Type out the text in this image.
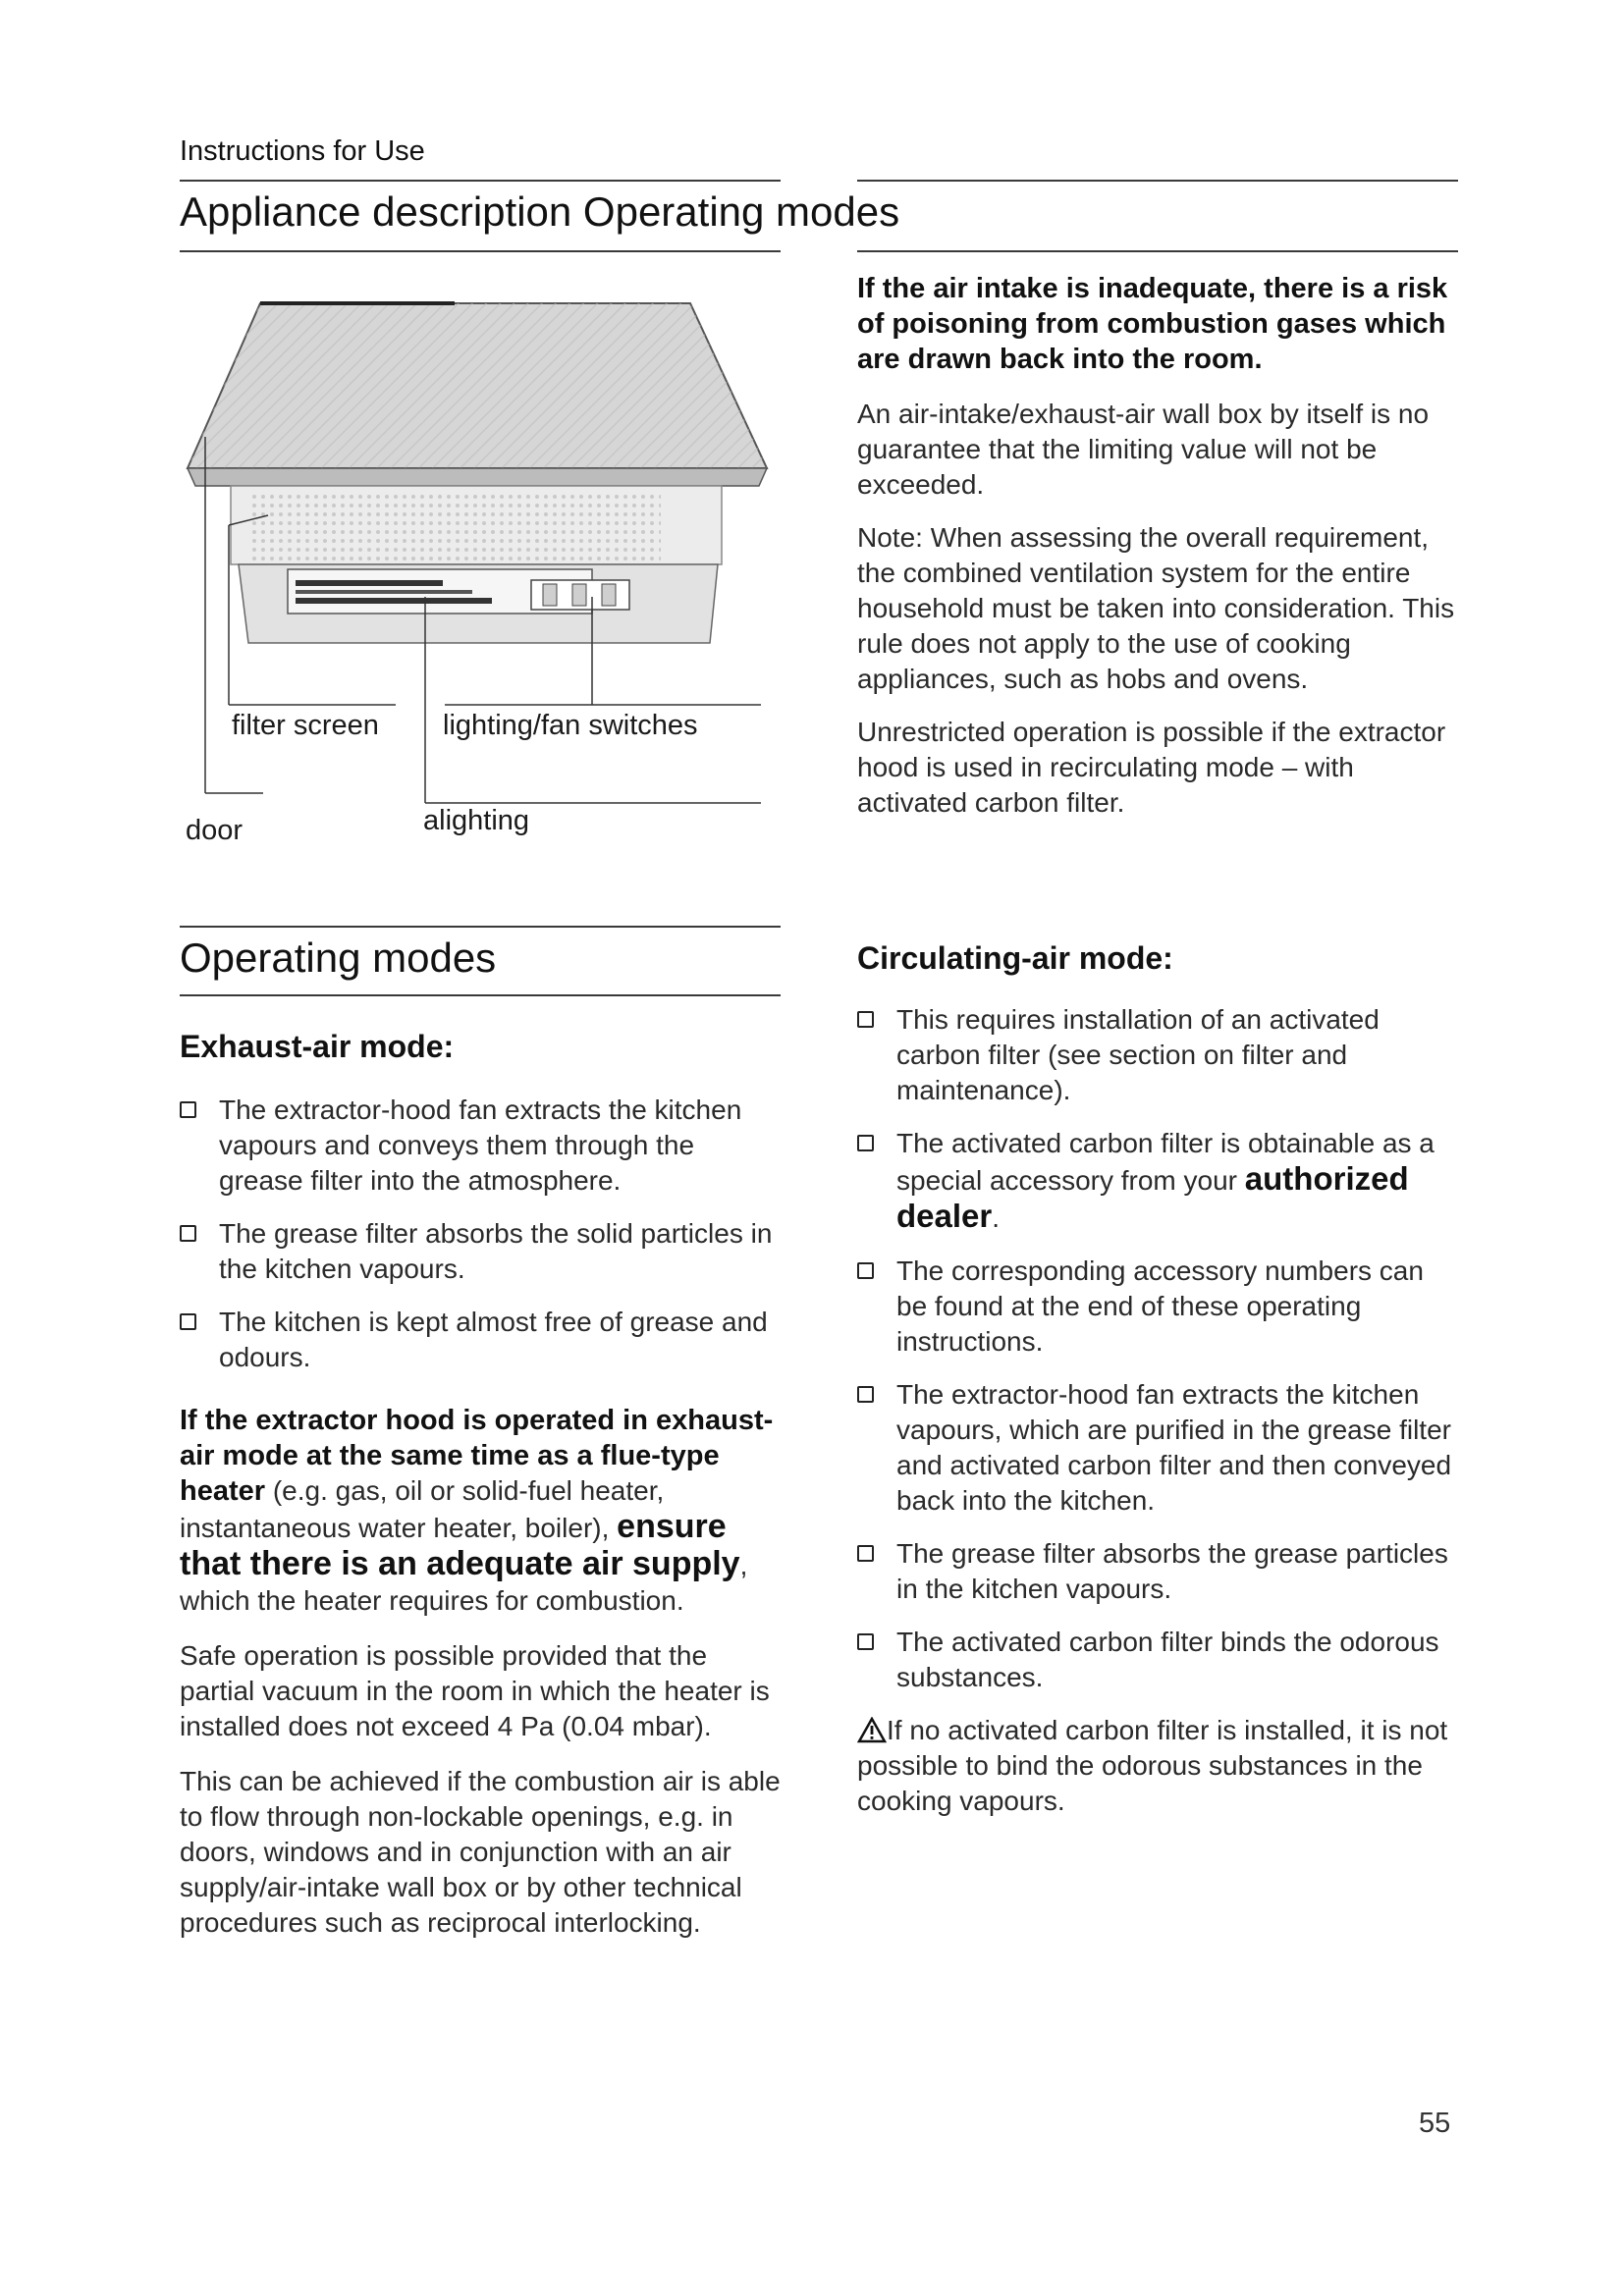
Instructions for Use
Appliance description Operating modes
filter screen lighting/fan switches
door	alighting
If the air intake is inadequate, there is a risk of poisoning from combustion gases which are drawn back into the room.
An air-intake/exhaust-air wall box by itself is no guarantee that the limiting value will not be exceeded.
Note: When assessing the overall requirement, the combined ventilation system for the entire household must be taken into consideration. This rule does not apply to the use of cooking appliances, such as hobs and ovens.
Unrestricted operation is possible if the extractor hood is used in recirculating mode – with activated carbon filter.
Operating modes
Exhaust-air mode:
The extractor-hood fan extracts the kitchen vapours and conveys them through the grease filter into the atmosphere.
The grease filter absorbs the solid particles in the kitchen vapours.
The kitchen is kept almost free of grease and odours.
If the extractor hood is operated in exhaust-air mode at the same time as a flue-type heater (e.g. gas, oil or solid-fuel heater, instantaneous water heater, boiler), ensure that there is an adequate air supply, which the heater requires for combustion.
Safe operation is possible provided that the partial vacuum in the room in which the heater is installed does not exceed 4 Pa (0.04 mbar).
This can be achieved if the combustion air is able to flow through non-lockable openings, e.g. in doors, windows and in conjunction with an air supply/air-intake wall box or by other technical procedures such as reciprocal interlocking.
Circulating-air mode:
This requires installation of an activated carbon filter (see section on filter and maintenance).
The activated carbon filter is obtainable as a special accessory from your authorized dealer.
The corresponding accessory numbers can be found at the end of these operating instructions.
The extractor-hood fan extracts the kitchen vapours, which are purified in the grease filter and activated carbon filter and then conveyed back into the kitchen.
The grease filter absorbs the grease particles in the kitchen vapours.
The activated carbon filter binds the odorous substances.
If no activated carbon filter is installed, it is not possible to bind the odorous substances in the cooking vapours.
55
